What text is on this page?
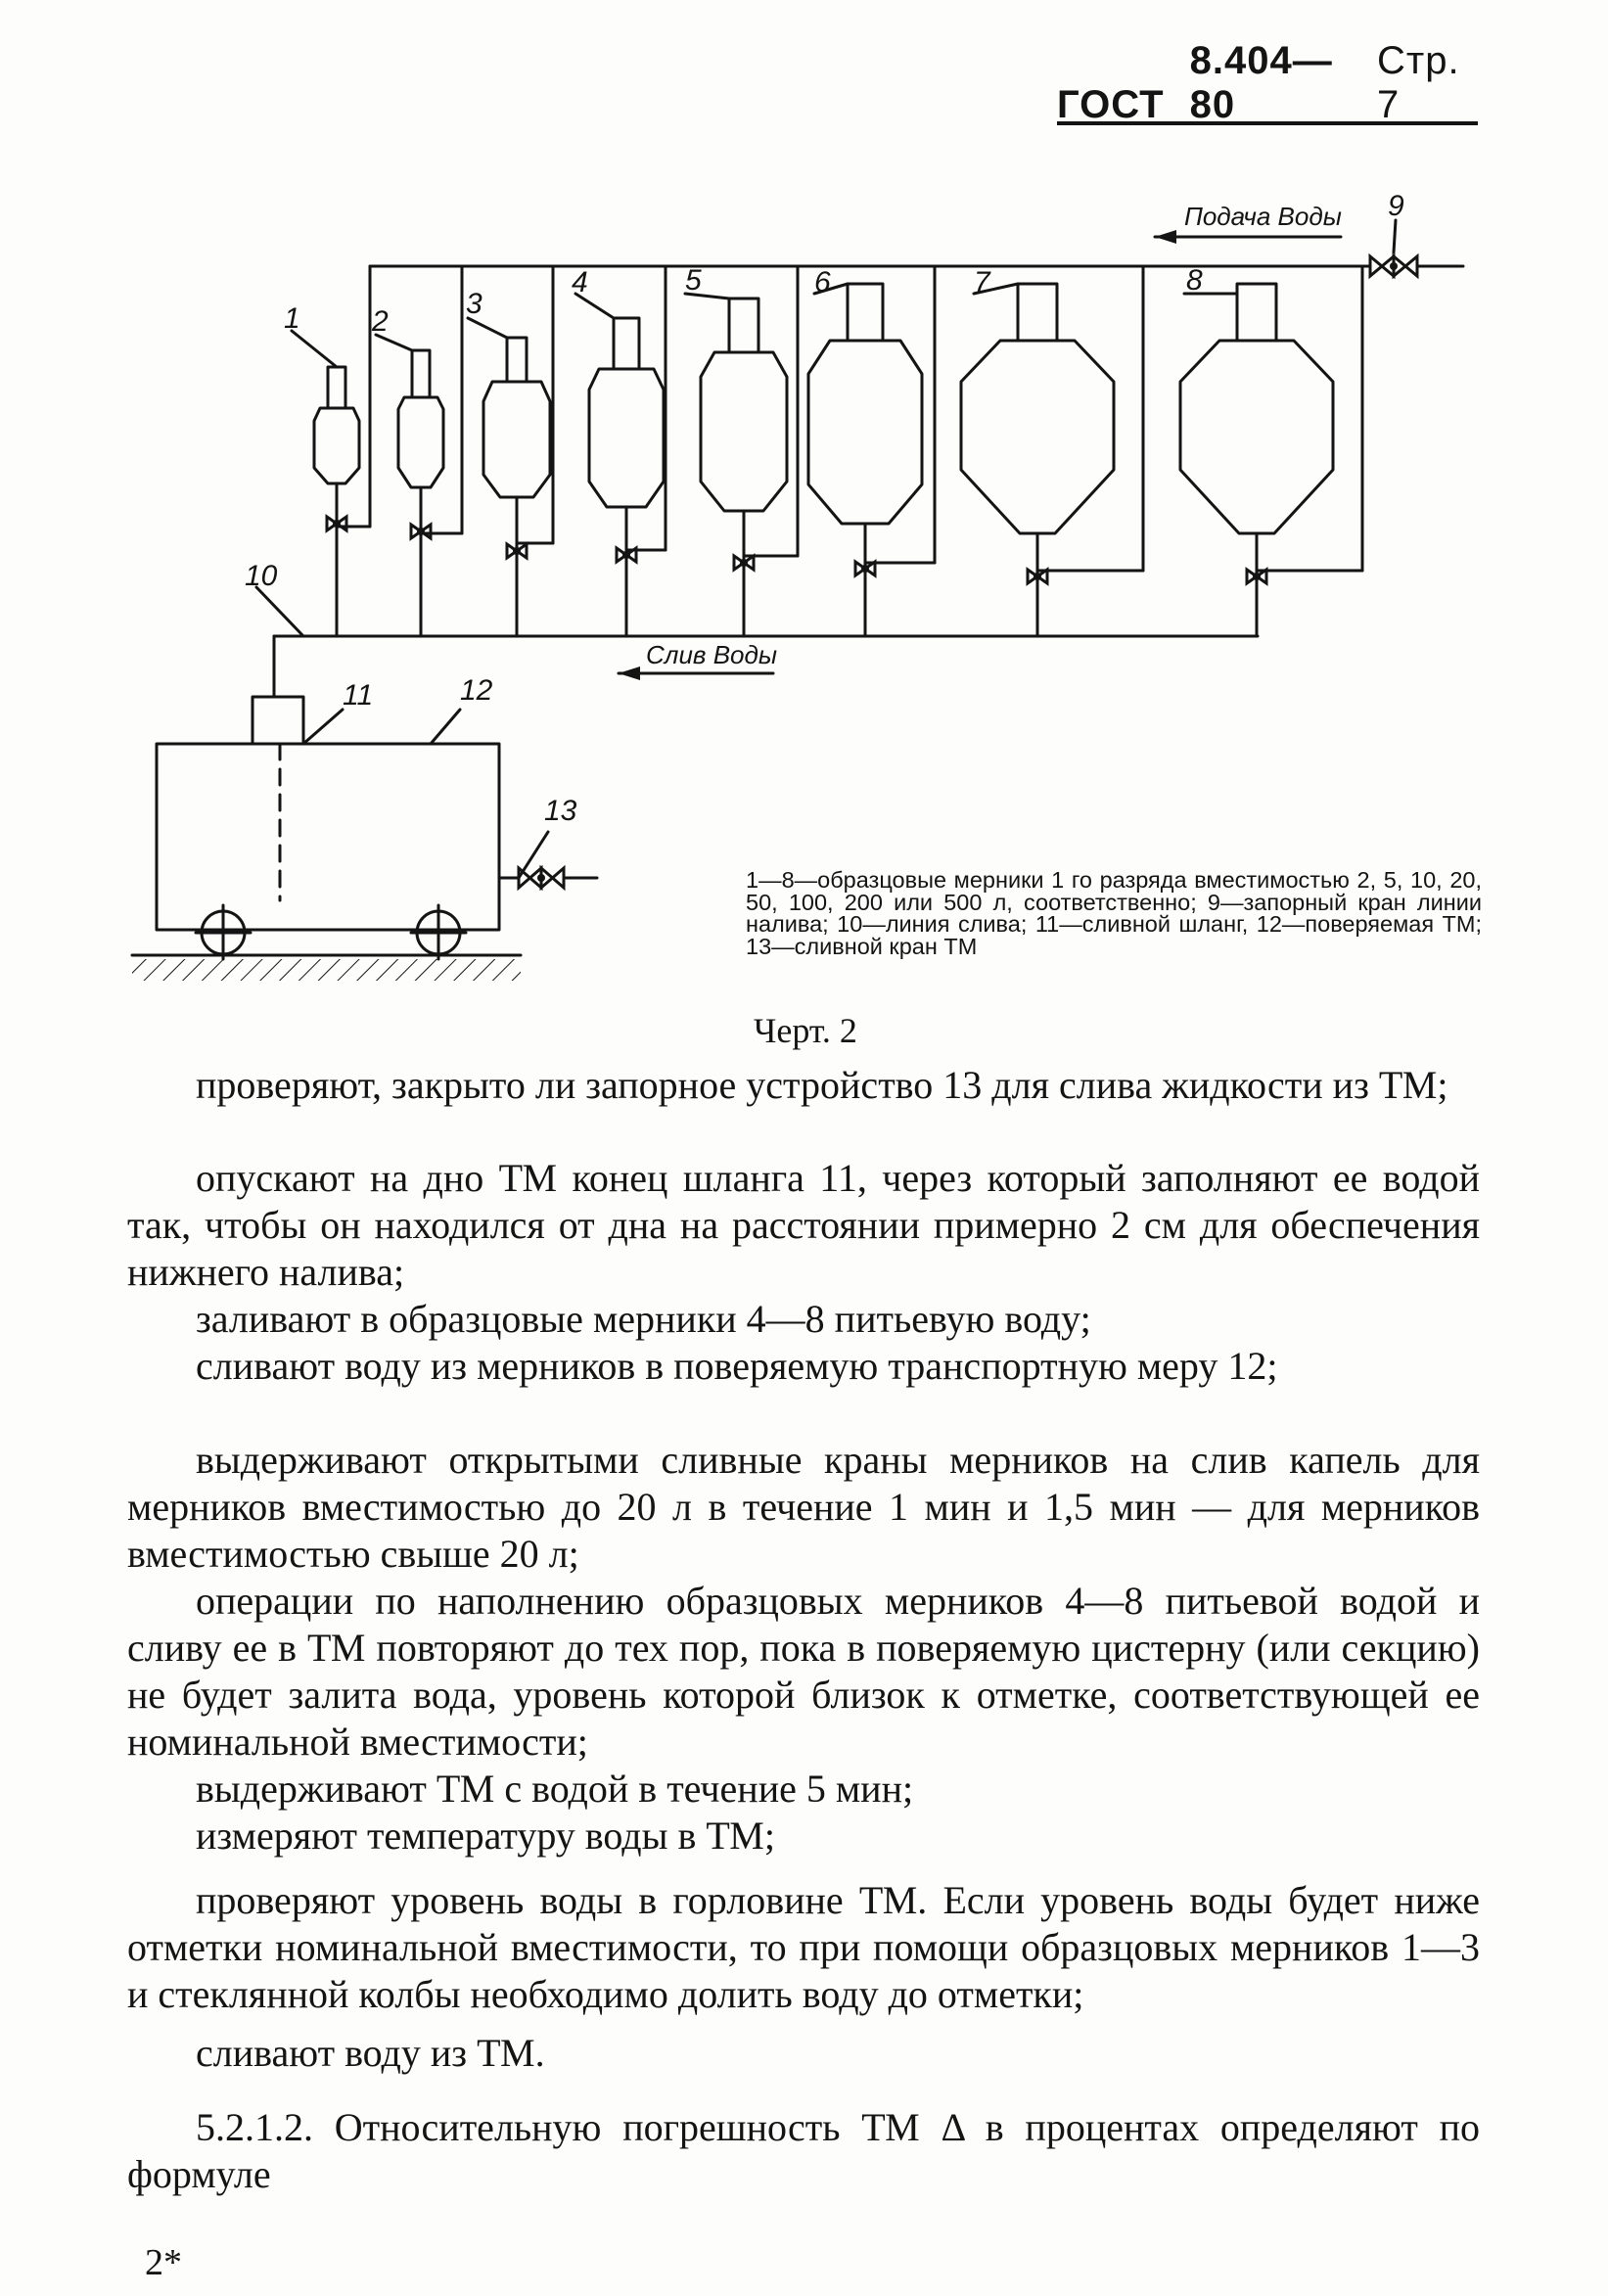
ГОСТ
8.404—80
Стр. 7
Подача Воды
Слив Воды
1 2
3
4	5	6	7	8
9
10
11	12
13
1—8—образцовые мерники 1 го разряда вместимостью 2, 5, 10, 20, 50, 100, 200 или 500 л, соответственно; 9—запорный кран линии налива; 10—линия слива; 11—сливной шланг, 12—поверяемая ТМ; 13—сливной кран ТМ
Черт. 2

проверяют, закрыто ли запорное устройство 13 для слива жидкости из ТМ;

опускают на дно ТМ конец шланга 11, через который заполняют ее водой так, чтобы он находился от дна на расстоянии примерно 2 см для обеспечения нижнего налива;

заливают в образцовые мерники 4—8 питьевую воду;

сливают воду из мерников в поверяемую транспортную меру 12;

выдерживают открытыми сливные краны мерников на слив капель для мерников вместимостью до 20 л в течение 1 мин и 1,5 мин — для мерников вместимостью свыше 20 л;

операции по наполнению образцовых мерников 4—8 питьевой водой и сливу ее в ТМ повторяют до тех пор, пока в поверяемую цистерну (или секцию) не будет залита вода, уровень которой близок к отметке, соответствующей ее номинальной вместимости;

выдерживают ТМ с водой в течение 5 мин;

измеряют температуру воды в ТМ;

проверяют уровень воды в горловине ТМ. Если уровень воды будет ниже отметки номинальной вместимости, то при помощи образцовых мерников 1—3 и стеклянной колбы необходимо долить воду до отметки;

сливают воду из ТМ.

5.2.1.2. Относительную погрешность ТМ Δ в процентах определяют по формуле

2*
